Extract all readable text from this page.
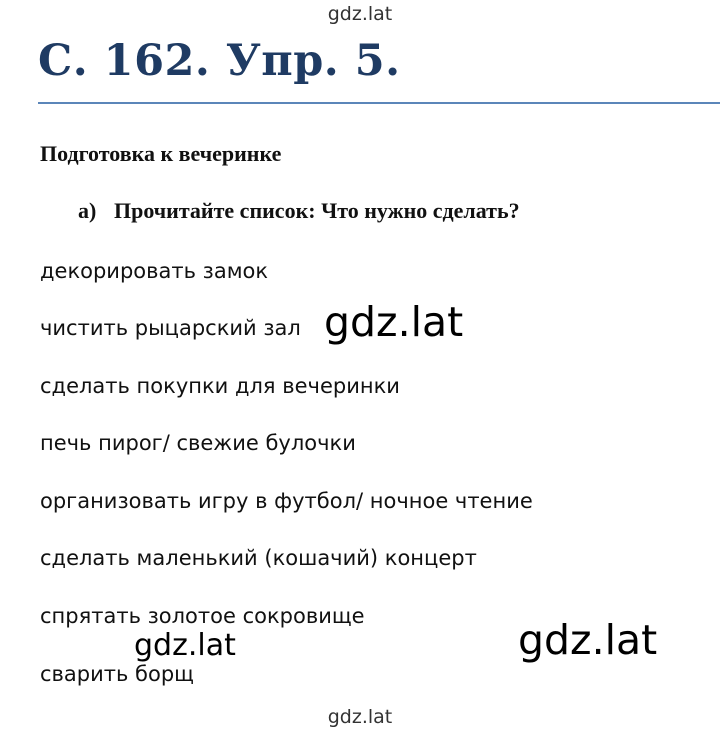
gdz.lat
С. 162. Упр. 5.
Подготовка к вечеринке
а) Прочитайте список: Что нужно сделать?
декорировать замок
чистить рыцарский зал
сделать покупки для вечеринки
печь пирог/ свежие булочки
организовать игру в футбол/ ночное чтение
сделать маленький (кошачий) концерт
спрятать золотое сокровище
сварить борщ
gdz.lat
gdz.lat	gdz.lat
gdz.lat
